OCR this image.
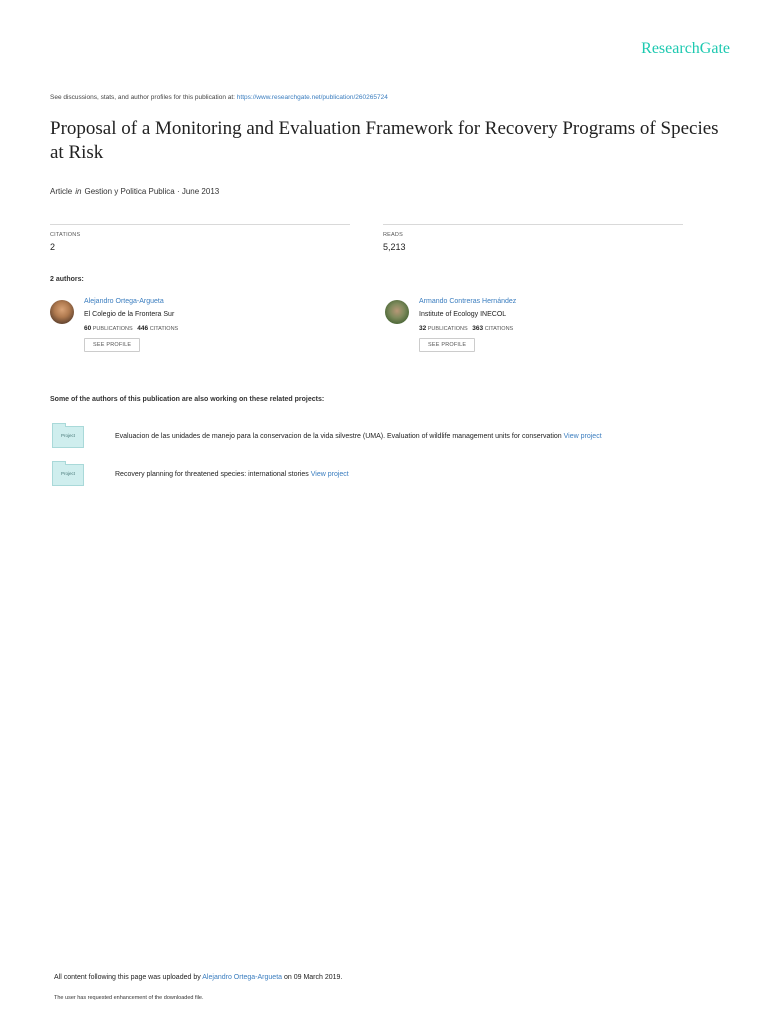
ResearchGate
See discussions, stats, and author profiles for this publication at: https://www.researchgate.net/publication/260265724
Proposal of a Monitoring and Evaluation Framework for Recovery Programs of Species at Risk
Article in Gestion y Politica Publica · June 2013
CITATIONS
2
READS
5,213
2 authors:
Alejandro Ortega-Argueta
El Colegio de la Frontera Sur
60 PUBLICATIONS 446 CITATIONS
SEE PROFILE
Armando Contreras Hernández
Institute of Ecology INECOL
32 PUBLICATIONS 363 CITATIONS
SEE PROFILE
Some of the authors of this publication are also working on these related projects:
Project	Evaluacion de las unidades de manejo para la conservacion de la vida silvestre (UMA). Evaluation of wildlife management units for conservation View project
Project	Recovery planning for threatened species: international stories View project
All content following this page was uploaded by Alejandro Ortega-Argueta on 09 March 2019.
The user has requested enhancement of the downloaded file.
